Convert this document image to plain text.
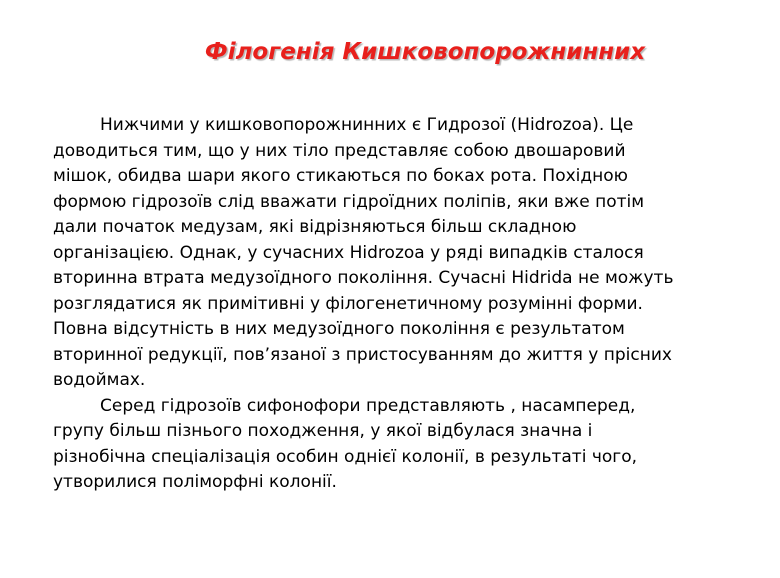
Філогенія Кишковопорожнинних

Нижчими у кишковопорожнинних є Гидрозої (Hidrozoa). Це
доводиться тим, що у них тіло представляє собою двошаровий
мішок, обидва шари якого стикаються по боках рота. Похідною
формою гідрозоїв слід вважати гідроїдних поліпів, яки вже потім
дали початок медузам, які відрізняються більш складною
організацією. Однак, у сучасних Hidrozoa у ряді випадків сталося
вторинна втрата медузоїдного покоління. Сучасні Hidrida не можуть
розглядатися як примітивні у філогенетичному розумінні форми.
Повна відсутність в них медузоїдного покоління є результатом
вторинної редукції, пов’язаної з пристосуванням до життя у прісних
водоймах.

Серед гідрозоїв сифонофори представляють , насамперед,
групу більш пізнього походження, у якої відбулася значна і
різнобічна спеціалізація особин однієї колонії, в результаті чого,
утворилися поліморфні колонії.
